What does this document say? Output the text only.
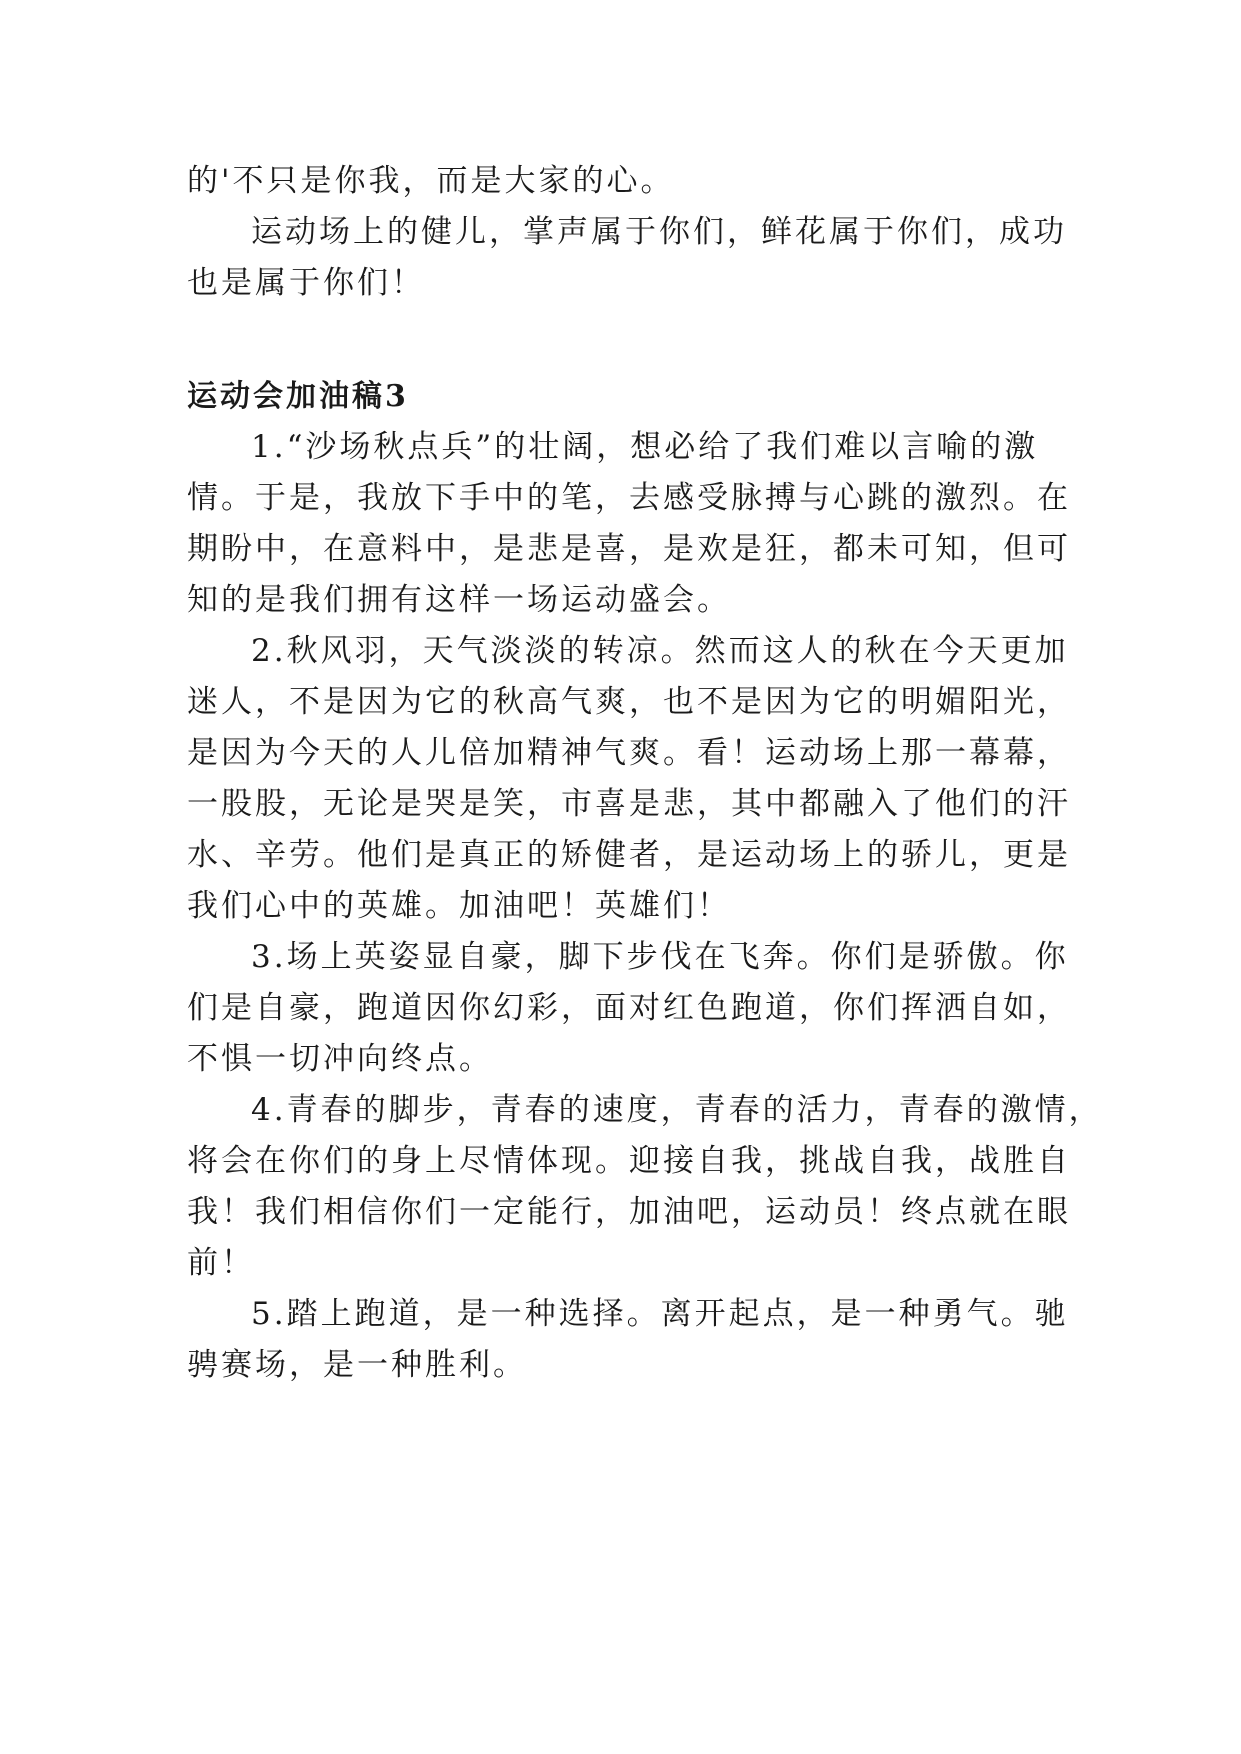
的'不只是你我，而是大家的心。

运动场上的健儿，掌声属于你们，鲜花属于你们，成功
也是属于你们！

运动会加油稿3

1.“沙场秋点兵”的壮阔，想必给了我们难以言喻的激
情。于是，我放下手中的笔，去感受脉搏与心跳的激烈。在
期盼中，在意料中，是悲是喜，是欢是狂，都未可知，但可
知的是我们拥有这样一场运动盛会。

2.秋风羽，天气淡淡的转凉。然而这人的秋在今天更加
迷人，不是因为它的秋高气爽，也不是因为它的明媚阳光，
是因为今天的人儿倍加精神气爽。看！运动场上那一幕幕，
一股股，无论是哭是笑，市喜是悲，其中都融入了他们的汗
水、辛劳。他们是真正的矫健者，是运动场上的骄儿，更是
我们心中的英雄。加油吧！英雄们！

3.场上英姿显自豪，脚下步伐在飞奔。你们是骄傲。你
们是自豪，跑道因你幻彩，面对红色跑道，你们挥洒自如，
不惧一切冲向终点。

4.青春的脚步，青春的速度，青春的活力，青春的激情，
将会在你们的身上尽情体现。迎接自我，挑战自我，战胜自
我！我们相信你们一定能行，加油吧，运动员！终点就在眼
前！

5.踏上跑道，是一种选择。离开起点，是一种勇气。驰
骋赛场，是一种胜利。
